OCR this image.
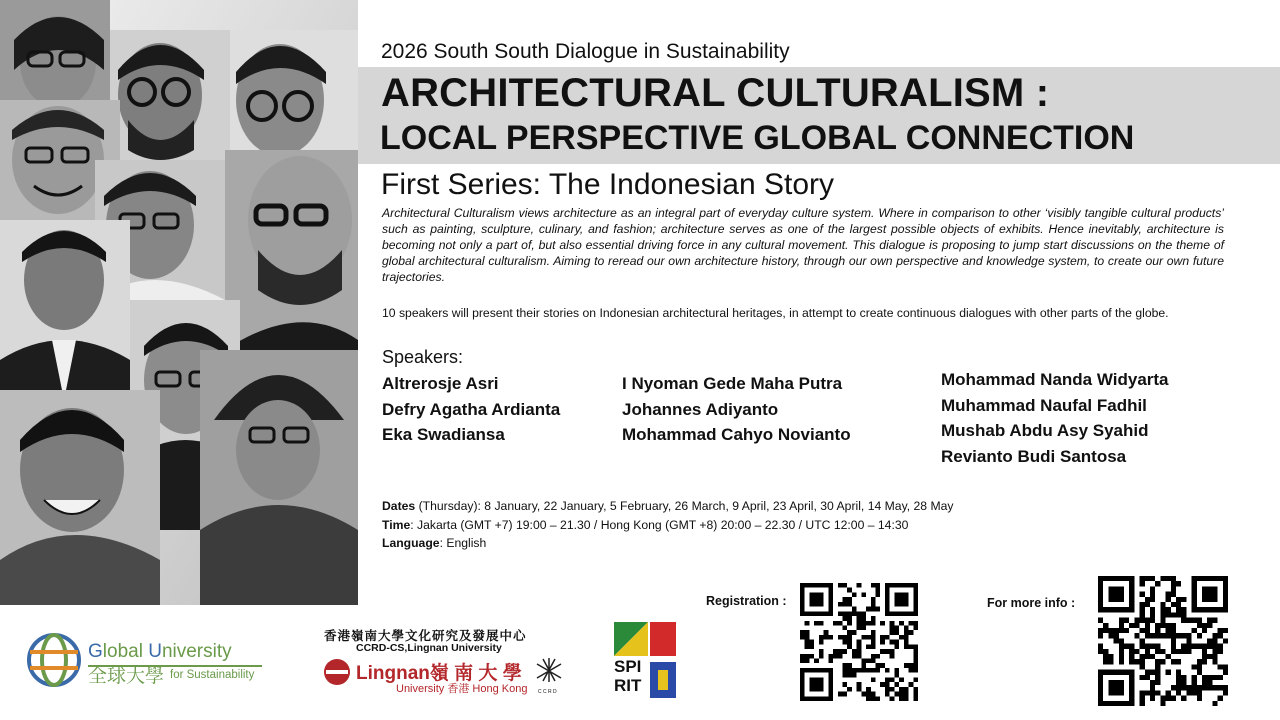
2026 South South Dialogue in Sustainability
ARCHITECTURAL CULTURALISM :
LOCAL PERSPECTIVE GLOBAL CONNECTION
First Series: The Indonesian Story
Architectural Culturalism views architecture as an integral part of everyday culture system. Where in comparison to other ‘visibly tangible cultural products’ such as painting, sculpture, culinary, and fashion; architecture serves as one of the largest possible objects of exhibits. Hence inevitably, architecture is becoming not only a part of, but also essential driving force in any cultural movement. This dialogue is proposing to jump start discussions on the theme of global architectural culturalism. Aiming to reread our own architecture history, through our own perspective and knowledge system, to create our own future trajectories.
10 speakers will present their stories on Indonesian architectural heritages, in attempt to create continuous dialogues with other parts of the globe.
Speakers:
Altrerosje Asri
Defry Agatha Ardianta
Eka Swadiansa
I Nyoman Gede Maha Putra
Johannes Adiyanto
Mohammad Cahyo Novianto
Mohammad Nanda Widyarta
Muhammad Naufal Fadhil
Mushab Abdu Asy Syahid
Revianto Budi Santosa
Dates (Thursday): 8 January, 22 January, 5 February, 26 March, 9 April, 23 April, 30 April, 14 May, 28 May
Time: Jakarta (GMT +7) 19:00 – 21.30 / Hong Kong (GMT +8) 20:00 – 22.30 / UTC 12:00 – 14:30
Language: English
Registration :	For more info :
Global University
全球大學 for Sustainability
香港嶺南大學文化研究及發展中心
CCRD-CS,Lingnan University
Lingnan嶺 南 大 學
University 香港 Hong Kong C C R D
SPI
RIT
